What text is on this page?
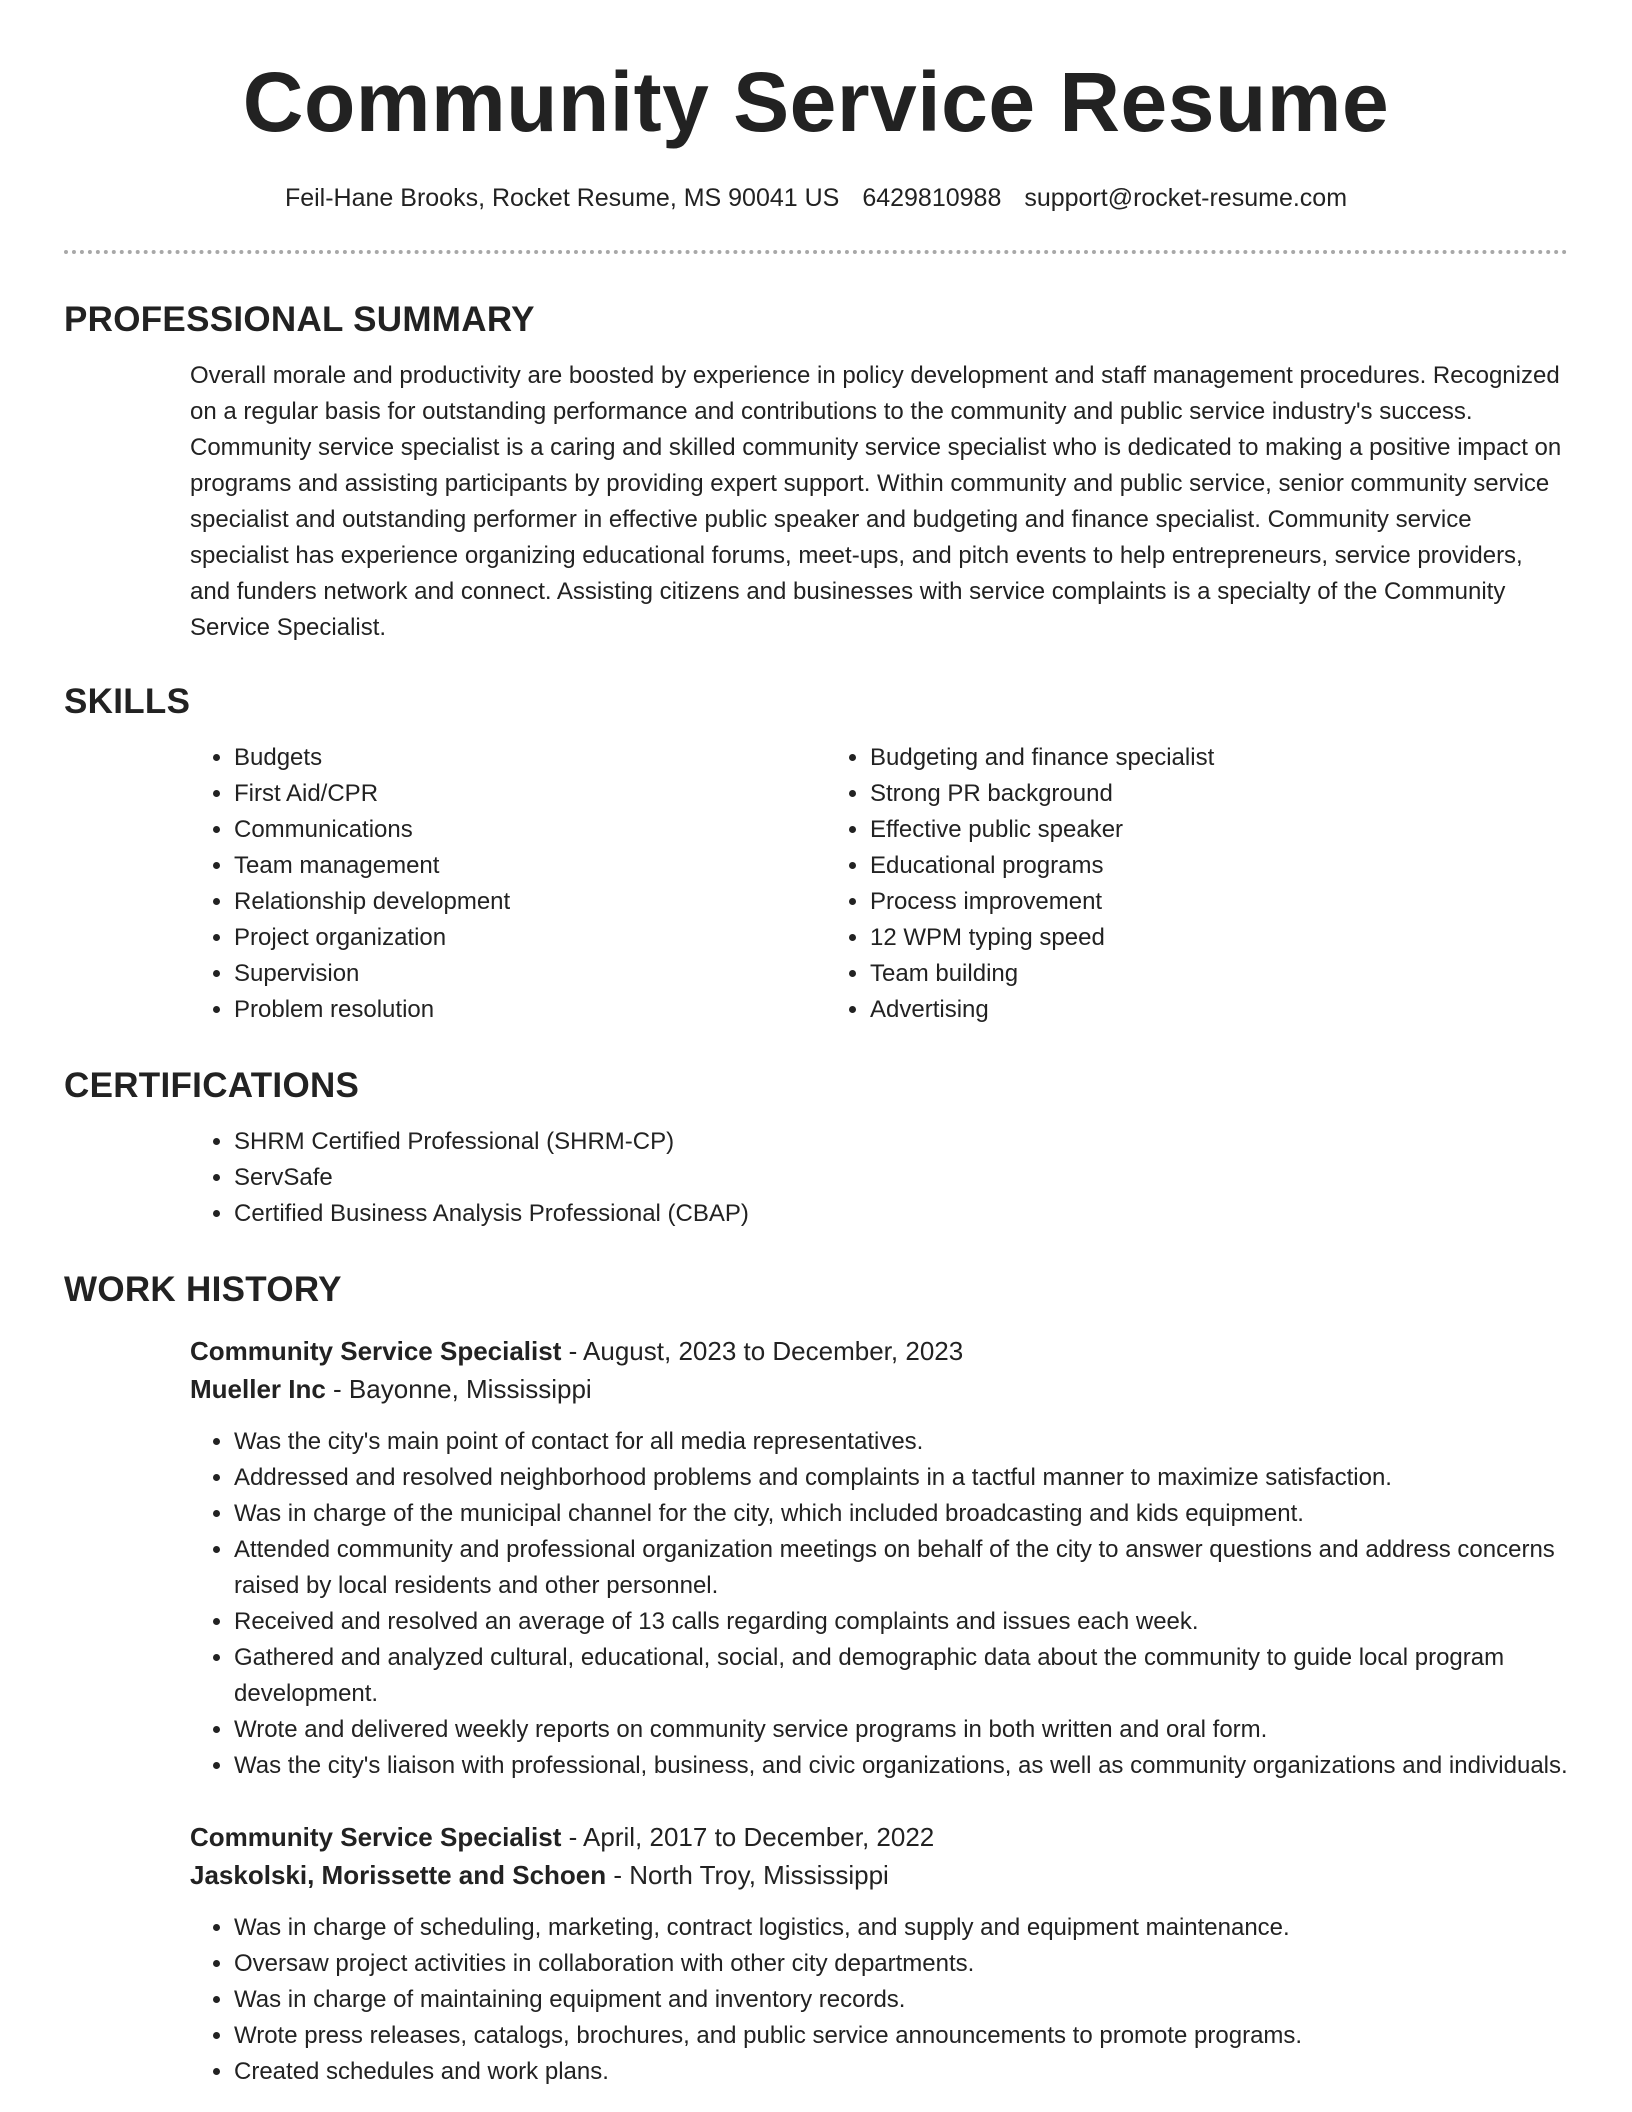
Community Service Resume
Feil-Hane Brooks, Rocket Resume, MS 90041 US 6429810988 support@rocket-resume.com
PROFESSIONAL SUMMARY
Overall morale and productivity are boosted by experience in policy development and staff management procedures. Recognized on a regular basis for outstanding performance and contributions to the community and public service industry's success. Community service specialist is a caring and skilled community service specialist who is dedicated to making a positive impact on programs and assisting participants by providing expert support. Within community and public service, senior community service specialist and outstanding performer in effective public speaker and budgeting and finance specialist. Community service specialist has experience organizing educational forums, meet-ups, and pitch events to help entrepreneurs, service providers, and funders network and connect. Assisting citizens and businesses with service complaints is a specialty of the Community Service Specialist.
SKILLS
• Budgets
• First Aid/CPR
• Communications
• Team management
• Relationship development
• Project organization
• Supervision
• Problem resolution
• Budgeting and finance specialist
• Strong PR background
• Effective public speaker
• Educational programs
• Process improvement
• 12 WPM typing speed
• Team building
• Advertising
CERTIFICATIONS
• SHRM Certified Professional (SHRM-CP)
• ServSafe
• Certified Business Analysis Professional (CBAP)
WORK HISTORY
Community Service Specialist - August, 2023 to December, 2023
Mueller Inc - Bayonne, Mississippi
• Was the city's main point of contact for all media representatives.
• Addressed and resolved neighborhood problems and complaints in a tactful manner to maximize satisfaction.
• Was in charge of the municipal channel for the city, which included broadcasting and kids equipment.
• Attended community and professional organization meetings on behalf of the city to answer questions and address concerns raised by local residents and other personnel.
• Received and resolved an average of 13 calls regarding complaints and issues each week.
• Gathered and analyzed cultural, educational, social, and demographic data about the community to guide local program development.
• Wrote and delivered weekly reports on community service programs in both written and oral form.
• Was the city's liaison with professional, business, and civic organizations, as well as community organizations and individuals.
Community Service Specialist - April, 2017 to December, 2022
Jaskolski, Morissette and Schoen - North Troy, Mississippi
• Was in charge of scheduling, marketing, contract logistics, and supply and equipment maintenance.
• Oversaw project activities in collaboration with other city departments.
• Was in charge of maintaining equipment and inventory records.
• Wrote press releases, catalogs, brochures, and public service announcements to promote programs.
• Created schedules and work plans.
